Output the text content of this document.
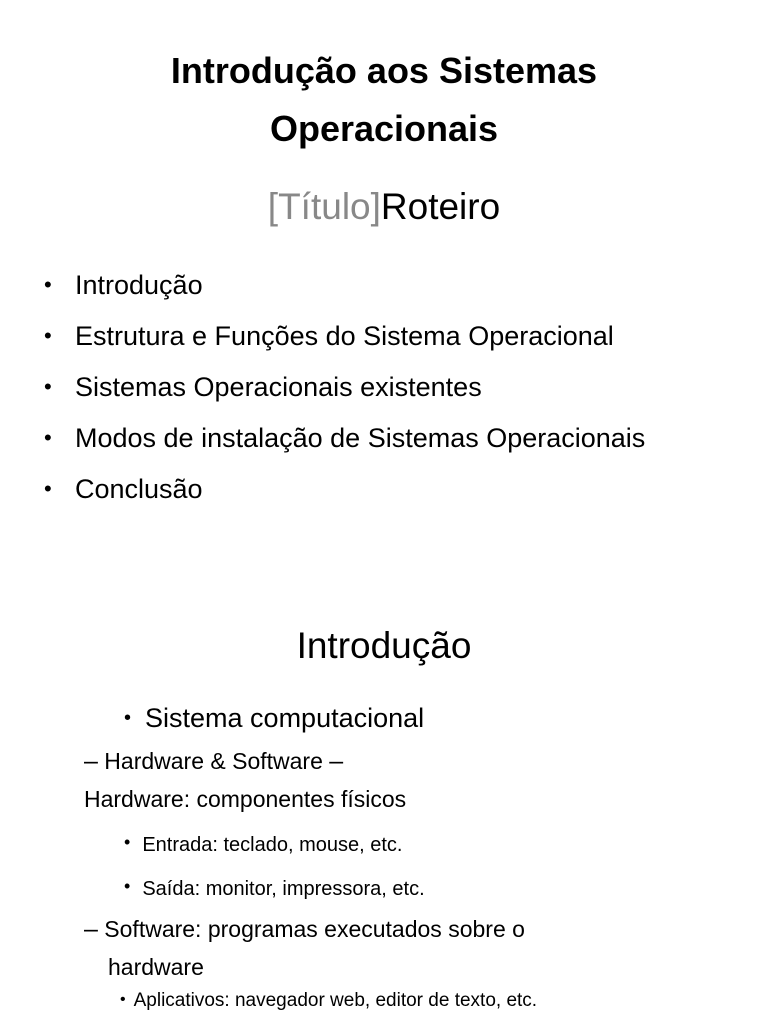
Introdução aos Sistemas
Operacionais
[Título]Roteiro
• Introdução
• Estrutura e Funções do Sistema Operacional
• Sistemas Operacionais existentes
• Modos de instalação de Sistemas Operacionais
• Conclusão
Introdução
• Sistema computacional
– Hardware & Software –
Hardware: componentes físicos
• Entrada: teclado, mouse, etc.
• Saída: monitor, impressora, etc.
– Software: programas executados sobre o
hardware
• Aplicativos: navegador web, editor de texto, etc.
